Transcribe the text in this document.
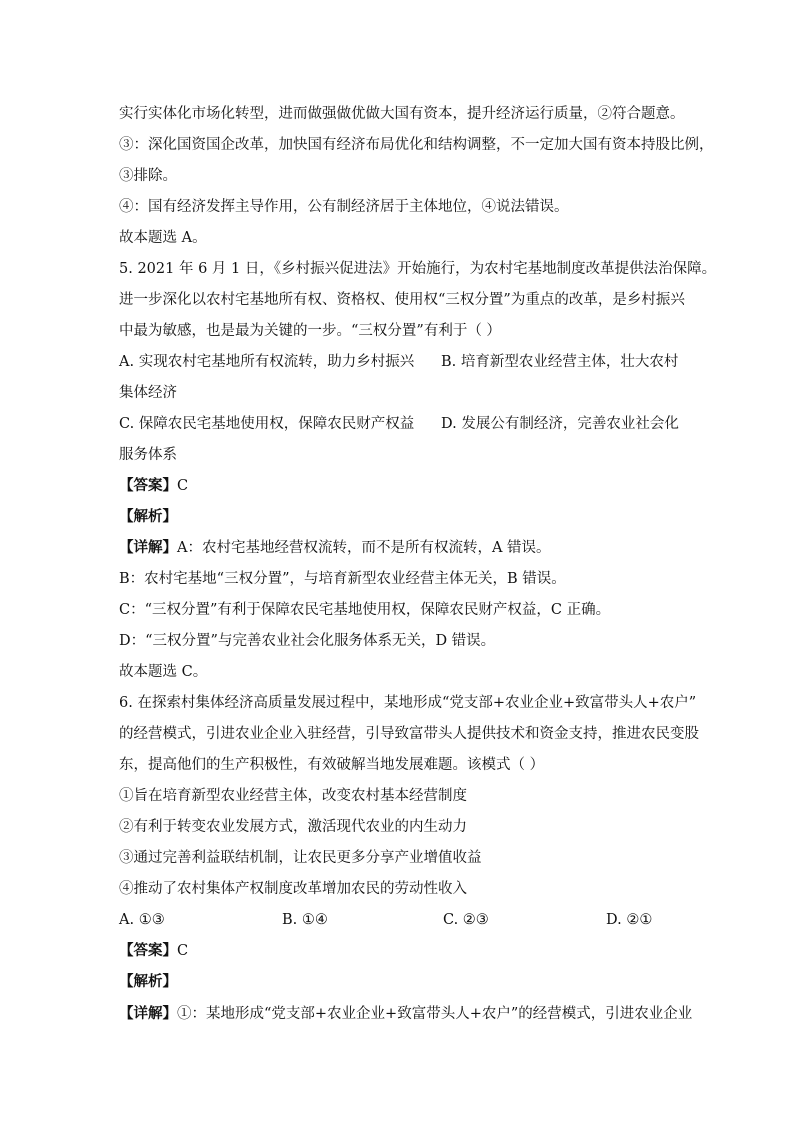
实行实体化市场化转型，进而做强做优做大国有资本，提升经济运行质量，②符合题意。
③：深化国资国企改革，加快国有经济布局优化和结构调整，不一定加大国有资本持股比例，
③排除。
④：国有经济发挥主导作用，公有制经济居于主体地位，④说法错误。
故本题选 A。
5. 2021 年 6 月 1 日，《乡村振兴促进法》开始施行，为农村宅基地制度改革提供法治保障。
进一步深化以农村宅基地所有权、资格权、使用权“三权分置”为重点的改革，是乡村振兴
中最为敏感，也是最为关键的一步。“三权分置”有利于（ ）
A. 实现农村宅基地所有权流转，助力乡村振兴 B. 培育新型农业经营主体，壮大农村
集体经济
C. 保障农民宅基地使用权，保障农民财产权益 D. 发展公有制经济，完善农业社会化
服务体系
【答案】C
【解析】
【详解】A：农村宅基地经营权流转，而不是所有权流转，A 错误。
B：农村宅基地“三权分置”，与培育新型农业经营主体无关，B 错误。
C：“三权分置”有利于保障农民宅基地使用权，保障农民财产权益，C 正确。
D：“三权分置”与完善农业社会化服务体系无关，D 错误。
故本题选 C。
6. 在探索村集体经济高质量发展过程中，某地形成“党支部+农业企业+致富带头人+农户”
的经营模式，引进农业企业入驻经营，引导致富带头人提供技术和资金支持，推进农民变股
东，提高他们的生产积极性，有效破解当地发展难题。该模式（ ）
①旨在培育新型农业经营主体，改变农村基本经营制度
②有利于转变农业发展方式，激活现代农业的内生动力
③通过完善利益联结机制，让农民更多分享产业增值收益
④推动了农村集体产权制度改革增加农民的劳动性收入
A. ①③	B. ①④	C. ②③	D. ②①
【答案】C
【解析】
【详解】①：某地形成“党支部+农业企业+致富带头人+农户”的经营模式，引进农业企业
